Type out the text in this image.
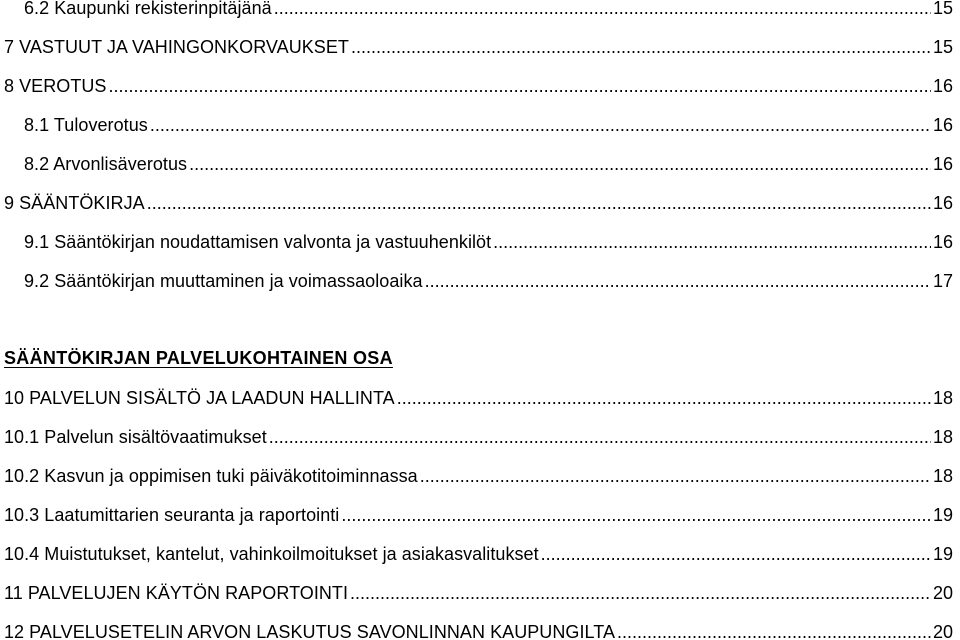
6.2 Kaupunki rekisterinpitäjänä .....	15
7 VASTUUT JA VAHINGONKORVAUKSET .....	15
8 VEROTUS .....	16
8.1 Tuloverotus .....	16
8.2 Arvonlisäverotus .....	16
9 SÄÄNTÖKIRJA .....	16
9.1 Sääntökirjan noudattamisen valvonta ja vastuuhenkilöt .....	16
9.2 Sääntökirjan muuttaminen ja voimassaoloaika .....	17
SÄÄNTÖKIRJAN PALVELUKOHTAINEN OSA
10 PALVELUN SISÄLTÖ JA LAADUN HALLINTA .....	18
10.1 Palvelun sisältövaatimukset .....	18
10.2 Kasvun ja oppimisen tuki päiväkotitoiminnassa .....	18
10.3 Laatumittarien seuranta ja raportointi .....	19
10.4 Muistutukset, kantelut, vahinkoilmoitukset ja asiakasvalitukset .....	19
11 PALVELUJEN KÄYTÖN RAPORTOINTI .....	20
12 PALVELUSETELIN ARVON LASKUTUS SAVONLINNAN KAUPUNGILTA .....	20
